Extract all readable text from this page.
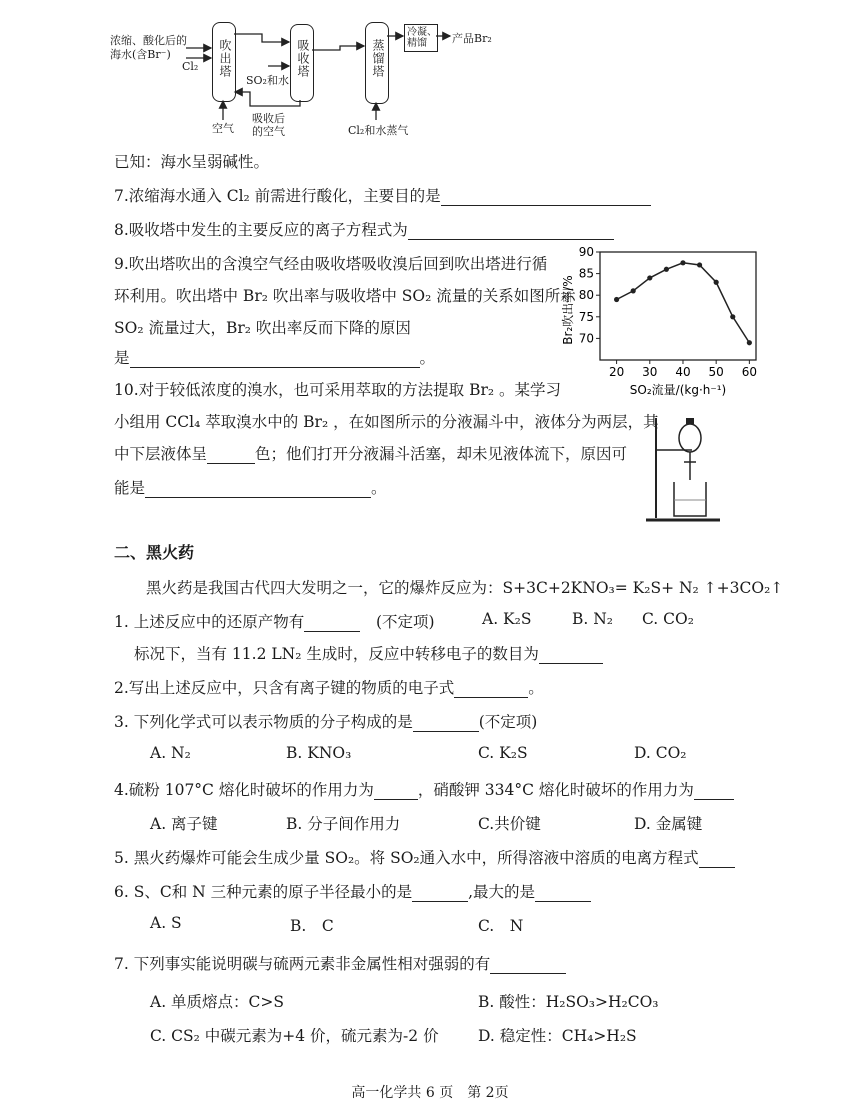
浓缩、酸化后的
海水(含Br⁻)
Cl₂ 吹出塔	吸收塔
SO₂和水
空气
吸收后
的空气
蒸馏塔
冷凝、精馏	产品Br₂
Cl₂和水蒸气
已知：海水呈弱碱性。
7.浓缩海水通入 Cl₂ 前需进行酸化，主要目的是
8.吸收塔中发生的主要反应的离子方程式为
9.吹出塔吹出的含溴空气经由吸收塔吸收溴后回到吹出塔进行循
环利用。吹出塔中 Br₂ 吹出率与吸收塔中 SO₂ 流量的关系如图所示
SO₂ 流量过大，Br₂ 吹出率反而下降的原因
是	。
20 30 40 50 60
70
75
80
85
90
Br₂吹出率/%
SO₂流量/(kg·h⁻¹)
10.对于较低浓度的溴水，也可采用萃取的方法提取 Br₂ 。某学习
小组用 CCl₄ 萃取溴水中的 Br₂ ，在如图所示的分液漏斗中，液体分为两层，其
中下层液体呈	色；他们打开分液漏斗活塞，却未见液体流下，原因可
能是	。
二、黑火药
黑火药是我国古代四大发明之一，它的爆炸反应为：S+3C+2KNO₃= K₂S+ N₂ ↑+3CO₂↑
1. 上述反应中的还原产物有	(不定项)	A. K₂S	B. N₂ C. CO₂
标况下，当有 11.2 LN₂ 生成时，反应中转移电子的数目为
2.写出上述反应中，只含有离子键的物质的电子式	。
3. 下列化学式可以表示物质的分子构成的是	(不定项)
A. N₂	B. KNO₃	C. K₂S	D. CO₂
4.硫粉 107°C 熔化时破坏的作用力为	，硝酸钾 334°C 熔化时破坏的作用力为
A. 离子键	B. 分子间作用力	C.共价键	D. 金属键
5. 黑火药爆炸可能会生成少量 SO₂。将 SO₂通入水中，所得溶液中溶质的电离方程式
6. S、C和 N 三种元素的原子半径最小的是	,最大的是
A. S	B.　C	C.　N
7. 下列事实能说明碳与硫两元素非金属性相对强弱的有
A. 单质熔点：C>S	B. 酸性：H₂SO₃>H₂CO₃
C. CS₂ 中碳元素为+4 价，硫元素为-2 价	D. 稳定性：CH₄>H₂S
高一化学共 6 页　第 2页
